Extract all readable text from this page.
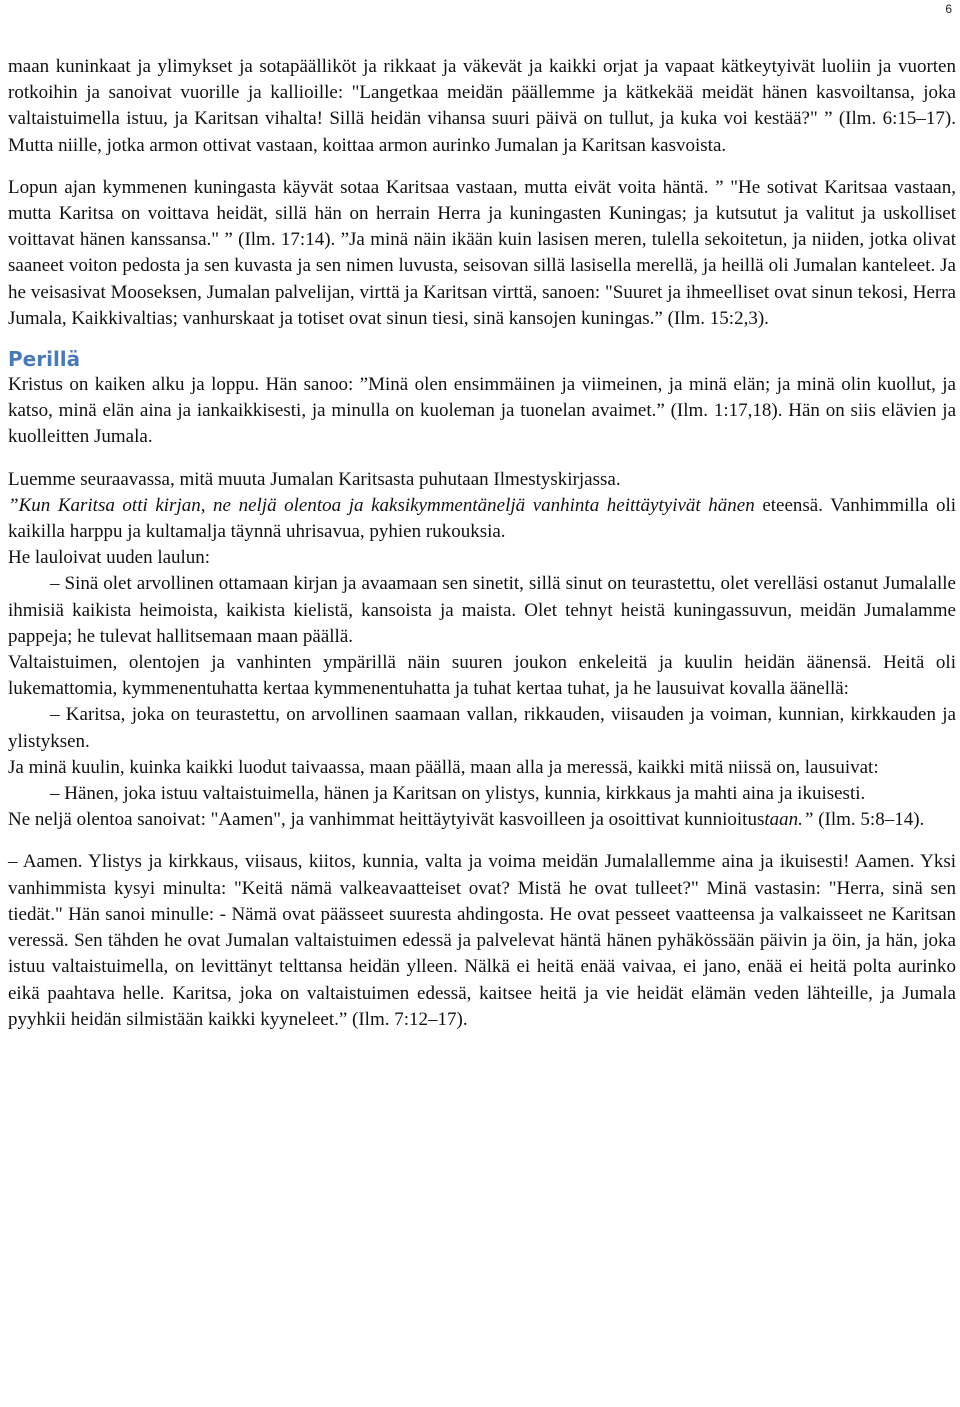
6

maan kuninkaat ja ylimykset ja sotapäälliköt ja rikkaat ja väkevät ja kaikki orjat ja vapaat kätkeytyivät luoliin ja vuorten rotkoihin ja sanoivat vuorille ja kallioille: "Langetkaa meidän päällemme ja kätkekää meidät hänen kasvoiltansa, joka valtaistuimella istuu, ja Karitsan vihalta! Sillä heidän vihansa suuri päivä on tullut, ja kuka voi kestää?" ” (Ilm. 6:15–17). Mutta niille, jotka armon ottivat vastaan, koittaa armon aurinko Jumalan ja Karitsan kasvoista.

Lopun ajan kymmenen kuningasta käyvät sotaa Karitsaa vastaan, mutta eivät voita häntä. ” "He sotivat Karitsaa vastaan, mutta Karitsa on voittava heidät, sillä hän on herrain Herra ja kuningasten Kuningas; ja kutsutut ja valitut ja uskolliset voittavat hänen kanssansa." ” (Ilm. 17:14). ”Ja minä näin ikään kuin lasisen meren, tulella sekoitetun, ja niiden, jotka olivat saaneet voiton pedosta ja sen kuvasta ja sen nimen luvusta, seisovan sillä lasisella merellä, ja heillä oli Jumalan kanteleet. Ja he veisasivat Mooseksen, Jumalan palvelijan, virttä ja Karitsan virttä, sanoen: "Suuret ja ihmeelliset ovat sinun tekosi, Herra Jumala, Kaikkivaltias; vanhurskaat ja totiset ovat sinun tiesi, sinä kansojen kuningas.” (Ilm. 15:2,3).

Perillä

Kristus on kaiken alku ja loppu. Hän sanoo: ”Minä olen ensimmäinen ja viimeinen, ja minä elän; ja minä olin kuollut, ja katso, minä elän aina ja iankaikkisesti, ja minulla on kuoleman ja tuonelan avaimet.” (Ilm. 1:17,18). Hän on siis elävien ja kuolleitten Jumala.

Luemme seuraavassa, mitä muuta Jumalan Karitsasta puhutaan Ilmestyskirjassa.

”Kun Karitsa otti kirjan, ne neljä olentoa ja kaksikymmentäneljä vanhinta heittäytyivät hänen eteensä. Vanhimmilla oli kaikilla harppu ja kultamalja täynnä uhrisavua, pyhien rukouksia.

He lauloivat uuden laulun:

– Sinä olet arvollinen ottamaan kirjan ja avaamaan sen sinetit, sillä sinut on teurastettu, olet verelläsi ostanut Jumalalle ihmisiä kaikista heimoista, kaikista kielistä, kansoista ja maista. Olet tehnyt heistä kuningassuvun, meidän Jumalamme pappeja; he tulevat hallitsemaan maan päällä.

Valtaistuimen, olentojen ja vanhinten ympärillä näin suuren joukon enkeleitä ja kuulin heidän äänensä. Heitä oli lukemattomia, kymmenentuhatta kertaa kymmenentuhatta ja tuhat kertaa tuhat, ja he lausuivat kovalla äänellä:

– Karitsa, joka on teurastettu, on arvollinen saamaan vallan, rikkauden, viisauden ja voiman, kunnian, kirkkauden ja ylistyksen.

Ja minä kuulin, kuinka kaikki luodut taivaassa, maan päällä, maan alla ja meressä, kaikki mitä niissä on, lausuivat:

– Hänen, joka istuu valtaistuimella, hänen ja Karitsan on ylistys, kunnia, kirkkaus ja mahti aina ja ikuisesti.

Ne neljä olentoa sanoivat: "Aamen", ja vanhimmat heittäytyivät kasvoilleen ja osoittivat kunnioitustaan.” (Ilm. 5:8–14).

– Aamen. Ylistys ja kirkkaus, viisaus, kiitos, kunnia, valta ja voima meidän Jumalallemme aina ja ikuisesti! Aamen. Yksi vanhimmista kysyi minulta: "Keitä nämä valkeavaatteiset ovat? Mistä he ovat tulleet?" Minä vastasin: "Herra, sinä sen tiedät." Hän sanoi minulle: - Nämä ovat päässeet suuresta ahdingosta. He ovat pesseet vaatteensa ja valkaisseet ne Karitsan veressä. Sen tähden he ovat Jumalan valtaistuimen edessä ja palvelevat häntä hänen pyhäkössään päivin ja öin, ja hän, joka istuu valtaistuimella, on levittänyt telttansa heidän ylleen. Nälkä ei heitä enää vaivaa, ei jano, enää ei heitä polta aurinko eikä paahtava helle. Karitsa, joka on valtaistuimen edessä, kaitsee heitä ja vie heidät elämän veden lähteille, ja Jumala pyyhkii heidän silmistään kaikki kyyneleet.” (Ilm. 7:12–17).
